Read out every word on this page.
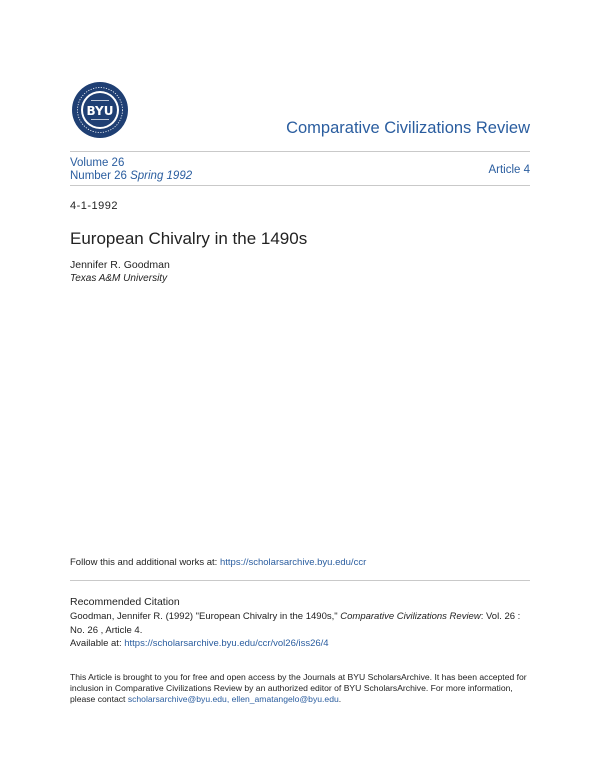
BYU
Comparative Civilizations Review
Volume 26
Number 26 Spring 1992	Article 4
4-1-1992
European Chivalry in the 1490s
Jennifer R. Goodman
Texas A&M University
Follow this and additional works at: https://scholarsarchive.byu.edu/ccr
Recommended Citation
Goodman, Jennifer R. (1992) "European Chivalry in the 1490s," Comparative Civilizations Review: Vol. 26 : No. 26 , Article 4.
Available at: https://scholarsarchive.byu.edu/ccr/vol26/iss26/4
This Article is brought to you for free and open access by the Journals at BYU ScholarsArchive. It has been accepted for inclusion in Comparative Civilizations Review by an authorized editor of BYU ScholarsArchive. For more information, please contact scholarsarchive@byu.edu, ellen_amatangelo@byu.edu.
